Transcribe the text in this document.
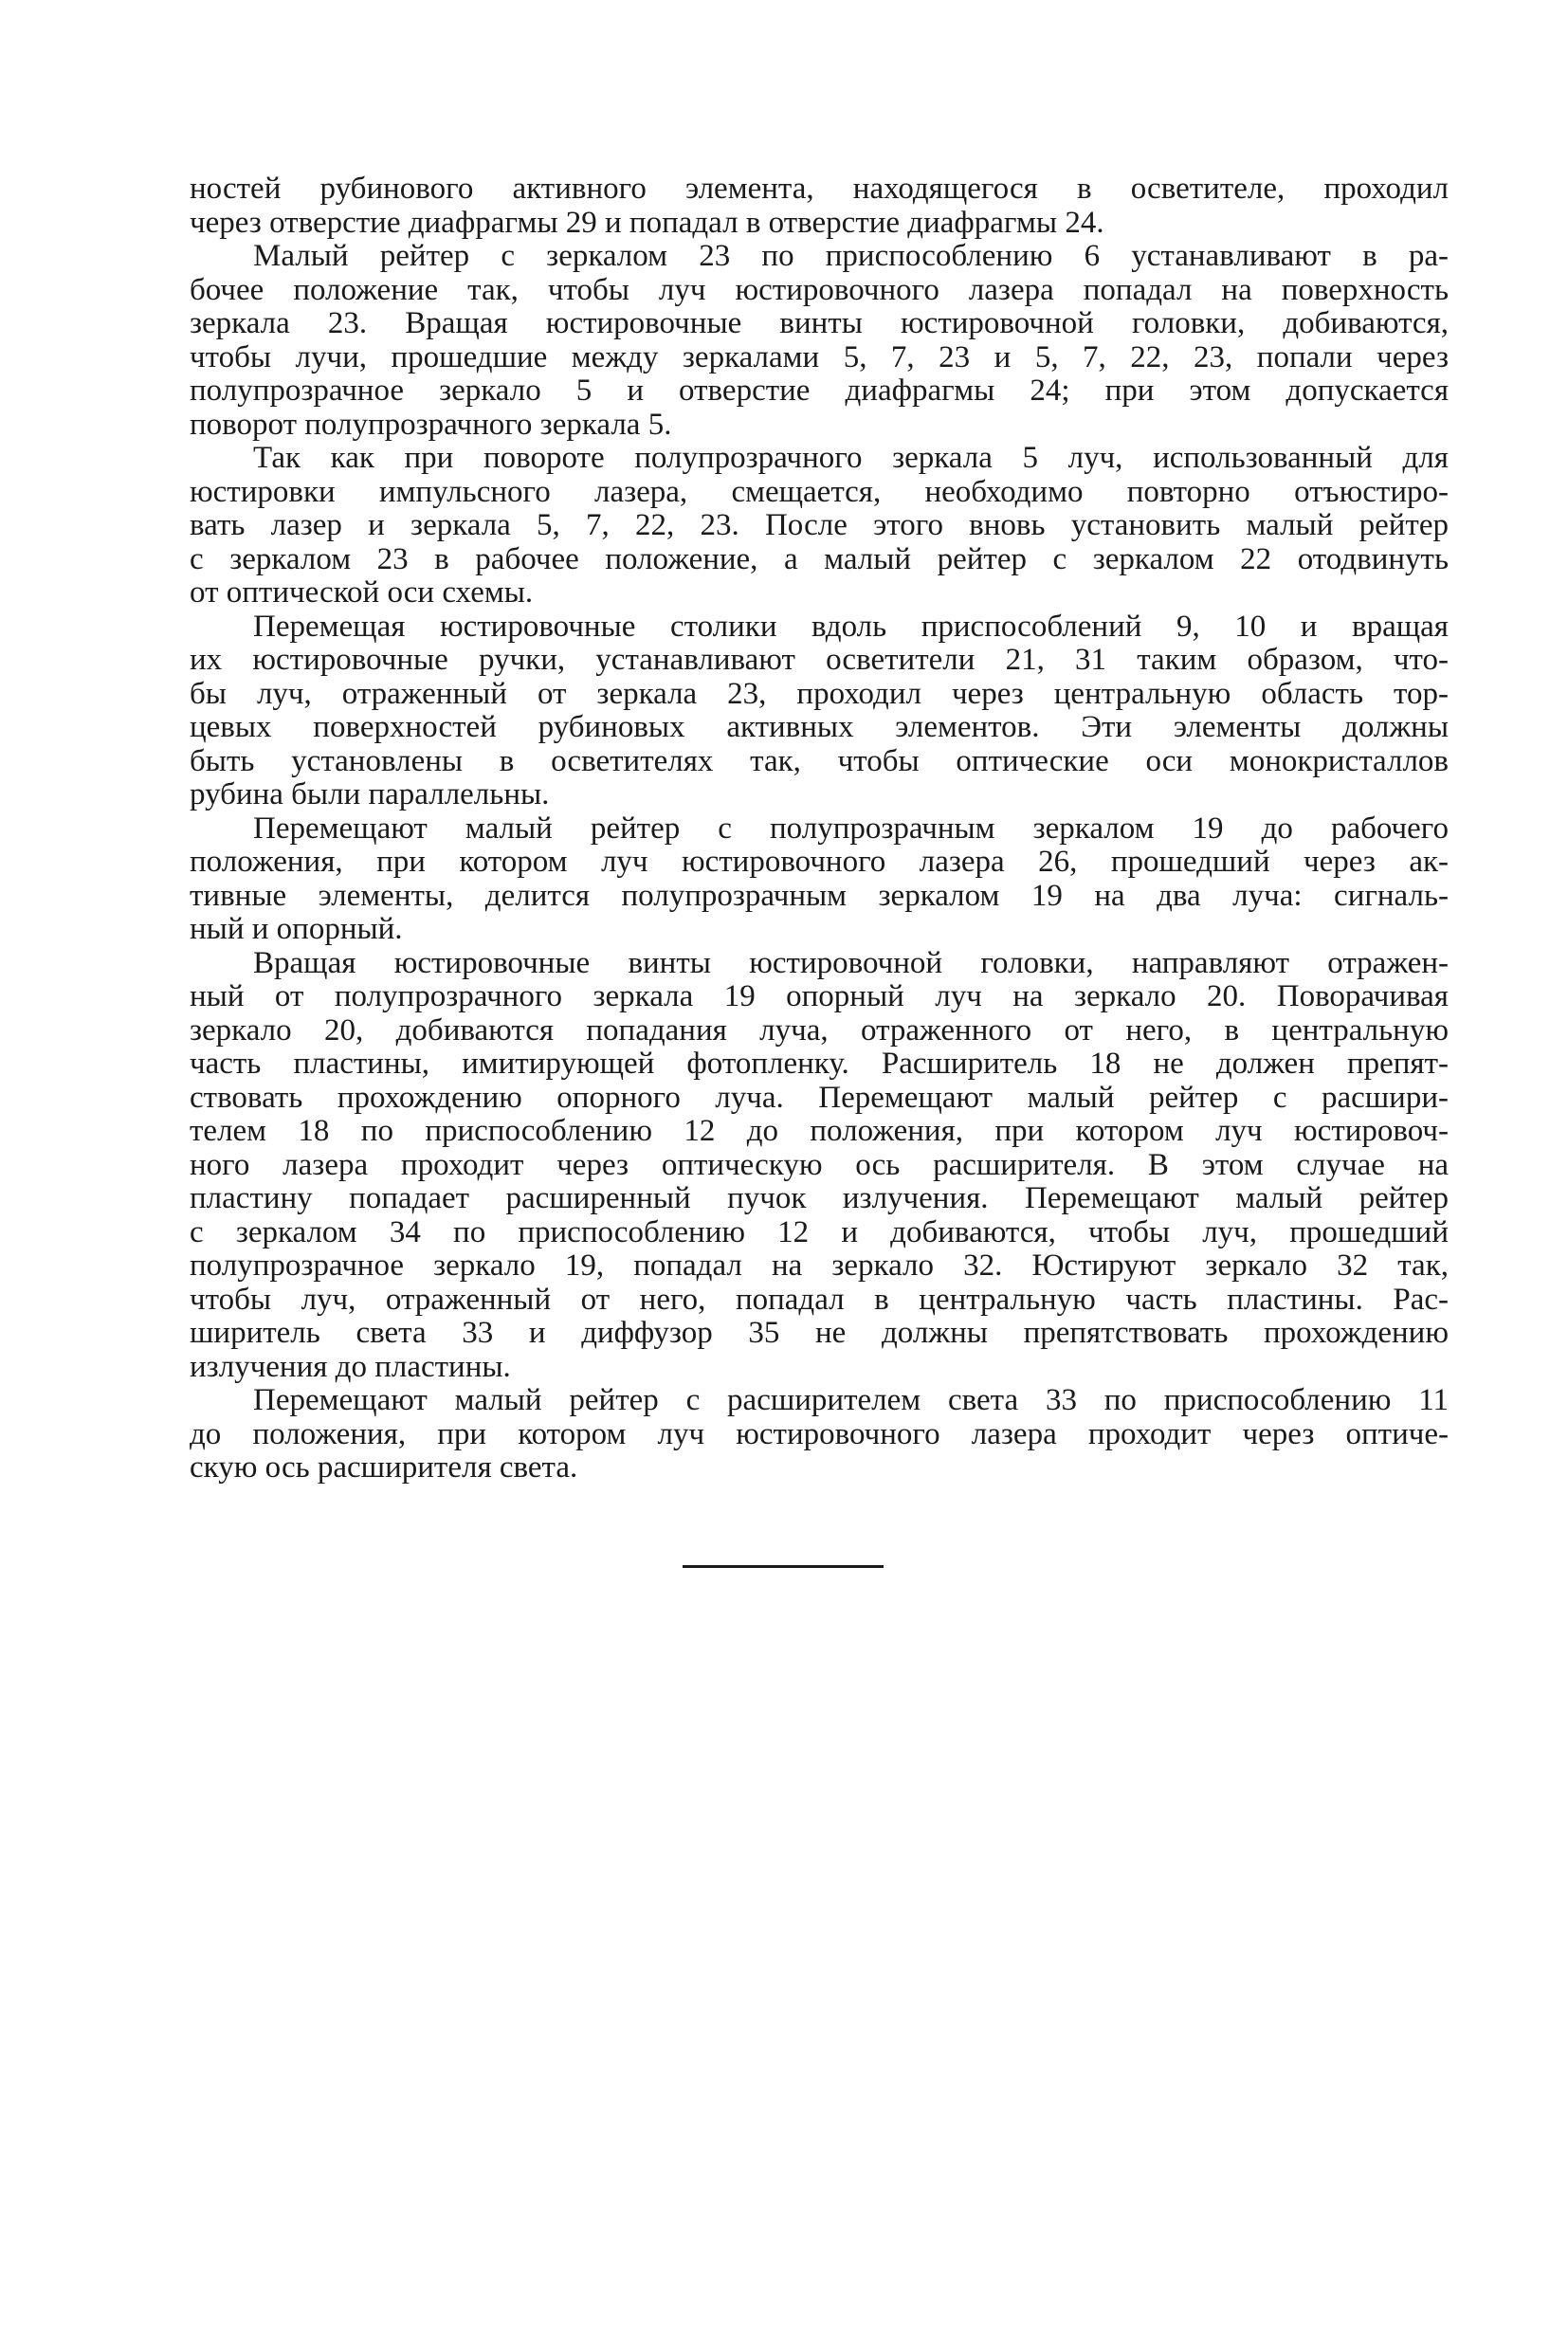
ностей рубинового активного элемента, находящегося в осветителе, проходил
через отверстие диафрагмы 29 и попадал в отверстие диафрагмы 24.
Малый рейтер с зеркалом 23 по приспособлению 6 устанавливают в ра-
бочее положение так, чтобы луч юстировочного лазера попадал на поверхность
зеркала 23. Вращая юстировочные винты юстировочной головки, добиваются,
чтобы лучи, прошедшие между зеркалами 5, 7, 23 и 5, 7, 22, 23, попали через
полупрозрачное зеркало 5 и отверстие диафрагмы 24; при этом допускается
поворот полупрозрачного зеркала 5.
Так как при повороте полупрозрачного зеркала 5 луч, использованный для
юстировки импульсного лазера, смещается, необходимо повторно отъюстиро-
вать лазер и зеркала 5, 7, 22, 23. После этого вновь установить малый рейтер
с зеркалом 23 в рабочее положение, а малый рейтер с зеркалом 22 отодвинуть
от оптической оси схемы.
Перемещая юстировочные столики вдоль приспособлений 9, 10 и вращая
их юстировочные ручки, устанавливают осветители 21, 31 таким образом, что-
бы луч, отраженный от зеркала 23, проходил через центральную область тор-
цевых поверхностей рубиновых активных элементов. Эти элементы должны
быть установлены в осветителях так, чтобы оптические оси монокристаллов
рубина были параллельны.
Перемещают малый рейтер с полупрозрачным зеркалом 19 до рабочего
положения, при котором луч юстировочного лазера 26, прошедший через ак-
тивные элементы, делится полупрозрачным зеркалом 19 на два луча: сигналь-
ный и опорный.
Вращая юстировочные винты юстировочной головки, направляют отражен-
ный от полупрозрачного зеркала 19 опорный луч на зеркало 20. Поворачивая
зеркало 20, добиваются попадания луча, отраженного от него, в центральную
часть пластины, имитирующей фотопленку. Расширитель 18 не должен препят-
ствовать прохождению опорного луча. Перемещают малый рейтер с расшири-
телем 18 по приспособлению 12 до положения, при котором луч юстировоч-
ного лазера проходит через оптическую ось расширителя. В этом случае на
пластину попадает расширенный пучок излучения. Перемещают малый рейтер
с зеркалом 34 по приспособлению 12 и добиваются, чтобы луч, прошедший
полупрозрачное зеркало 19, попадал на зеркало 32. Юстируют зеркало 32 так,
чтобы луч, отраженный от него, попадал в центральную часть пластины. Рас-
ширитель света 33 и диффузор 35 не должны препятствовать прохождению
излучения до пластины.
Перемещают малый рейтер с расширителем света 33 по приспособлению 11
до положения, при котором луч юстировочного лазера проходит через оптиче-
скую ось расширителя света.
